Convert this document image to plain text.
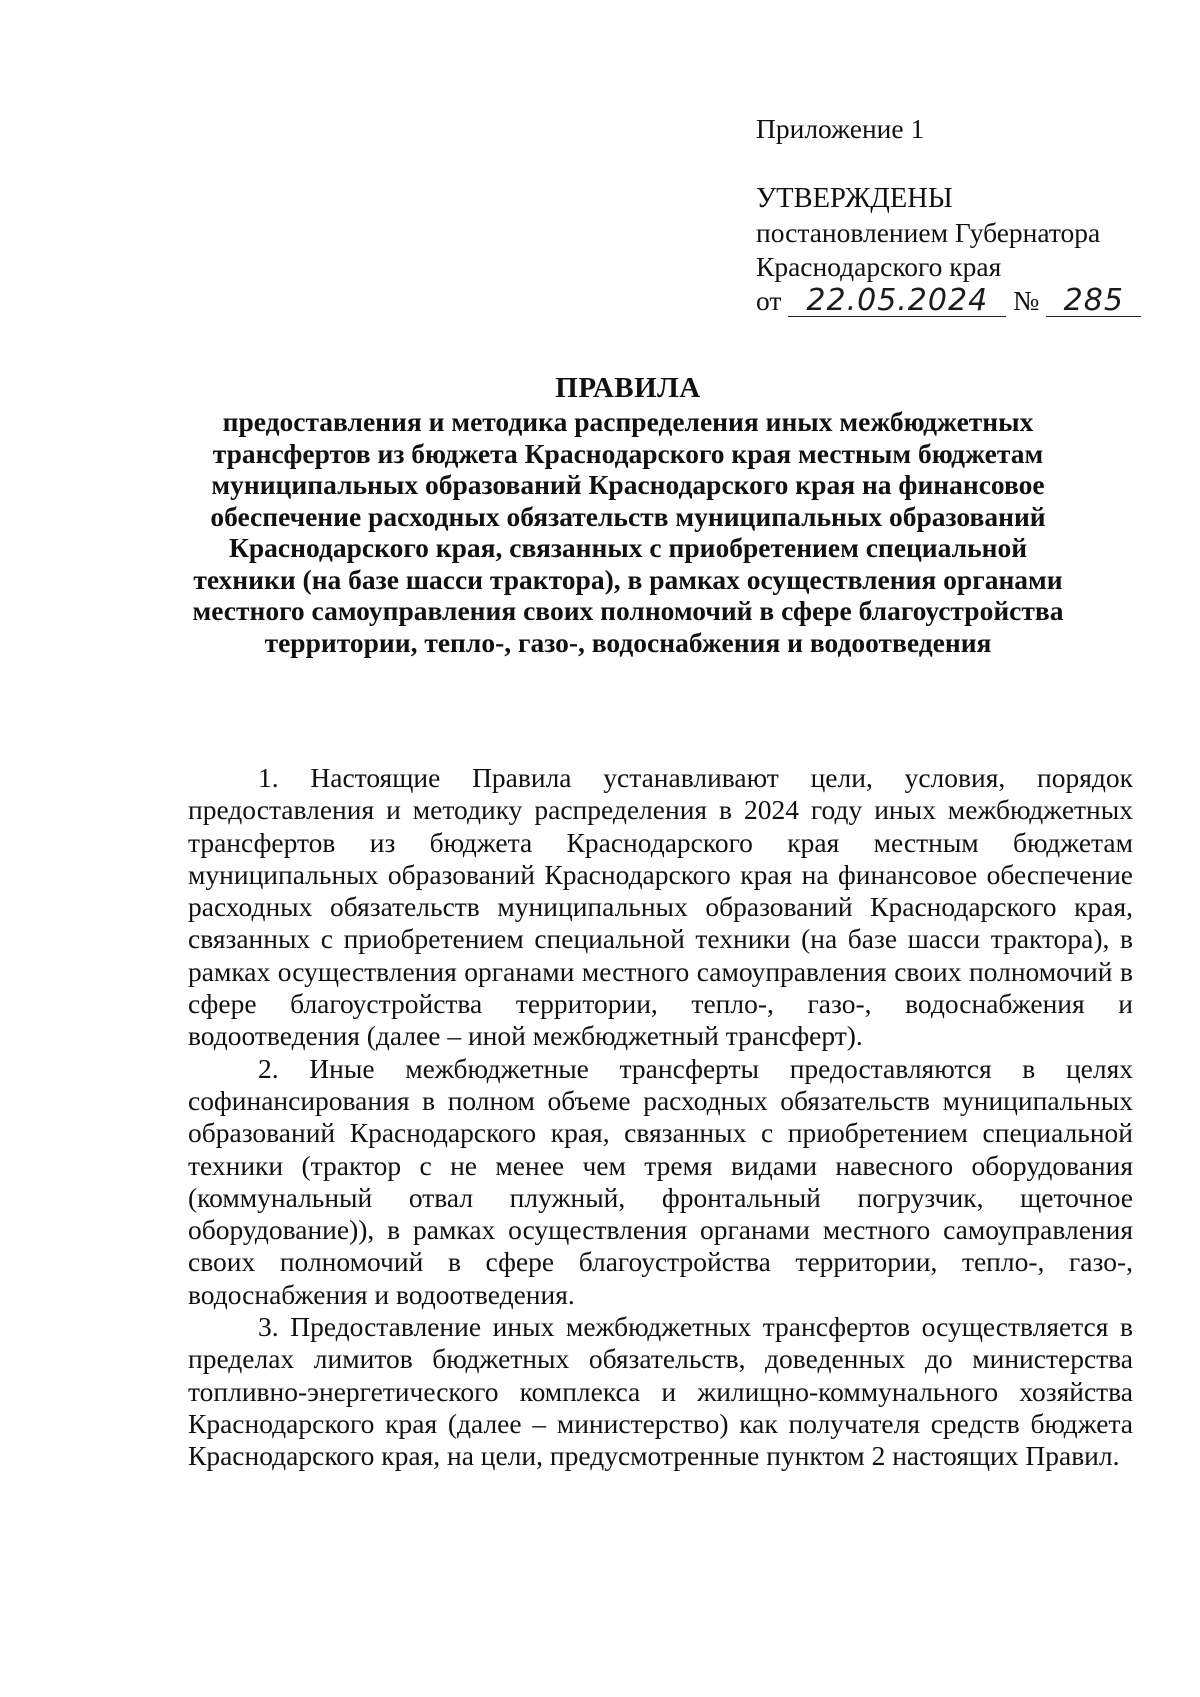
Приложение 1
УТВЕРЖДЕНЫ
постановлением Губернатора
Краснодарского края
от 22.05.2024 № 285
ПРАВИЛА
предоставления и методика распределения иных межбюджетных трансфертов из бюджета Краснодарского края местным бюджетам муниципальных образований Краснодарского края на финансовое обеспечение расходных обязательств муниципальных образований Краснодарского края, связанных с приобретением специальной техники (на базе шасси трактора), в рамках осуществления органами местного самоуправления своих полномочий в сфере благоустройства территории, тепло-, газо-, водоснабжения и водоотведения

1. Настоящие Правила устанавливают цели, условия, порядок предоставления и методику распределения в 2024 году иных межбюджетных трансфертов из бюджета Краснодарского края местным бюджетам муниципальных образований Краснодарского края на финансовое обеспечение расходных обязательств муниципальных образований Краснодарского края, связанных с приобретением специальной техники (на базе шасси трактора), в рамках осуществления органами местного самоуправления своих полномочий в сфере благоустройства территории, тепло-, газо-, водоснабжения и водоотведения (далее – иной межбюджетный трансферт).

2. Иные межбюджетные трансферты предоставляются в целях софинансирования в полном объеме расходных обязательств муниципальных образований Краснодарского края, связанных с приобретением специальной техники (трактор с не менее чем тремя видами навесного оборудования (коммунальный отвал плужный, фронтальный погрузчик, щеточное оборудование)), в рамках осуществления органами местного самоуправления своих полномочий в сфере благоустройства территории, тепло-, газо-, водоснабжения и водоотведения.

3. Предоставление иных межбюджетных трансфертов осуществляется в пределах лимитов бюджетных обязательств, доведенных до министерства топливно-энергетического комплекса и жилищно-коммунального хозяйства Краснодарского края (далее – министерство) как получателя средств бюджета Краснодарского края, на цели, предусмотренные пунктом 2 настоящих Правил.
